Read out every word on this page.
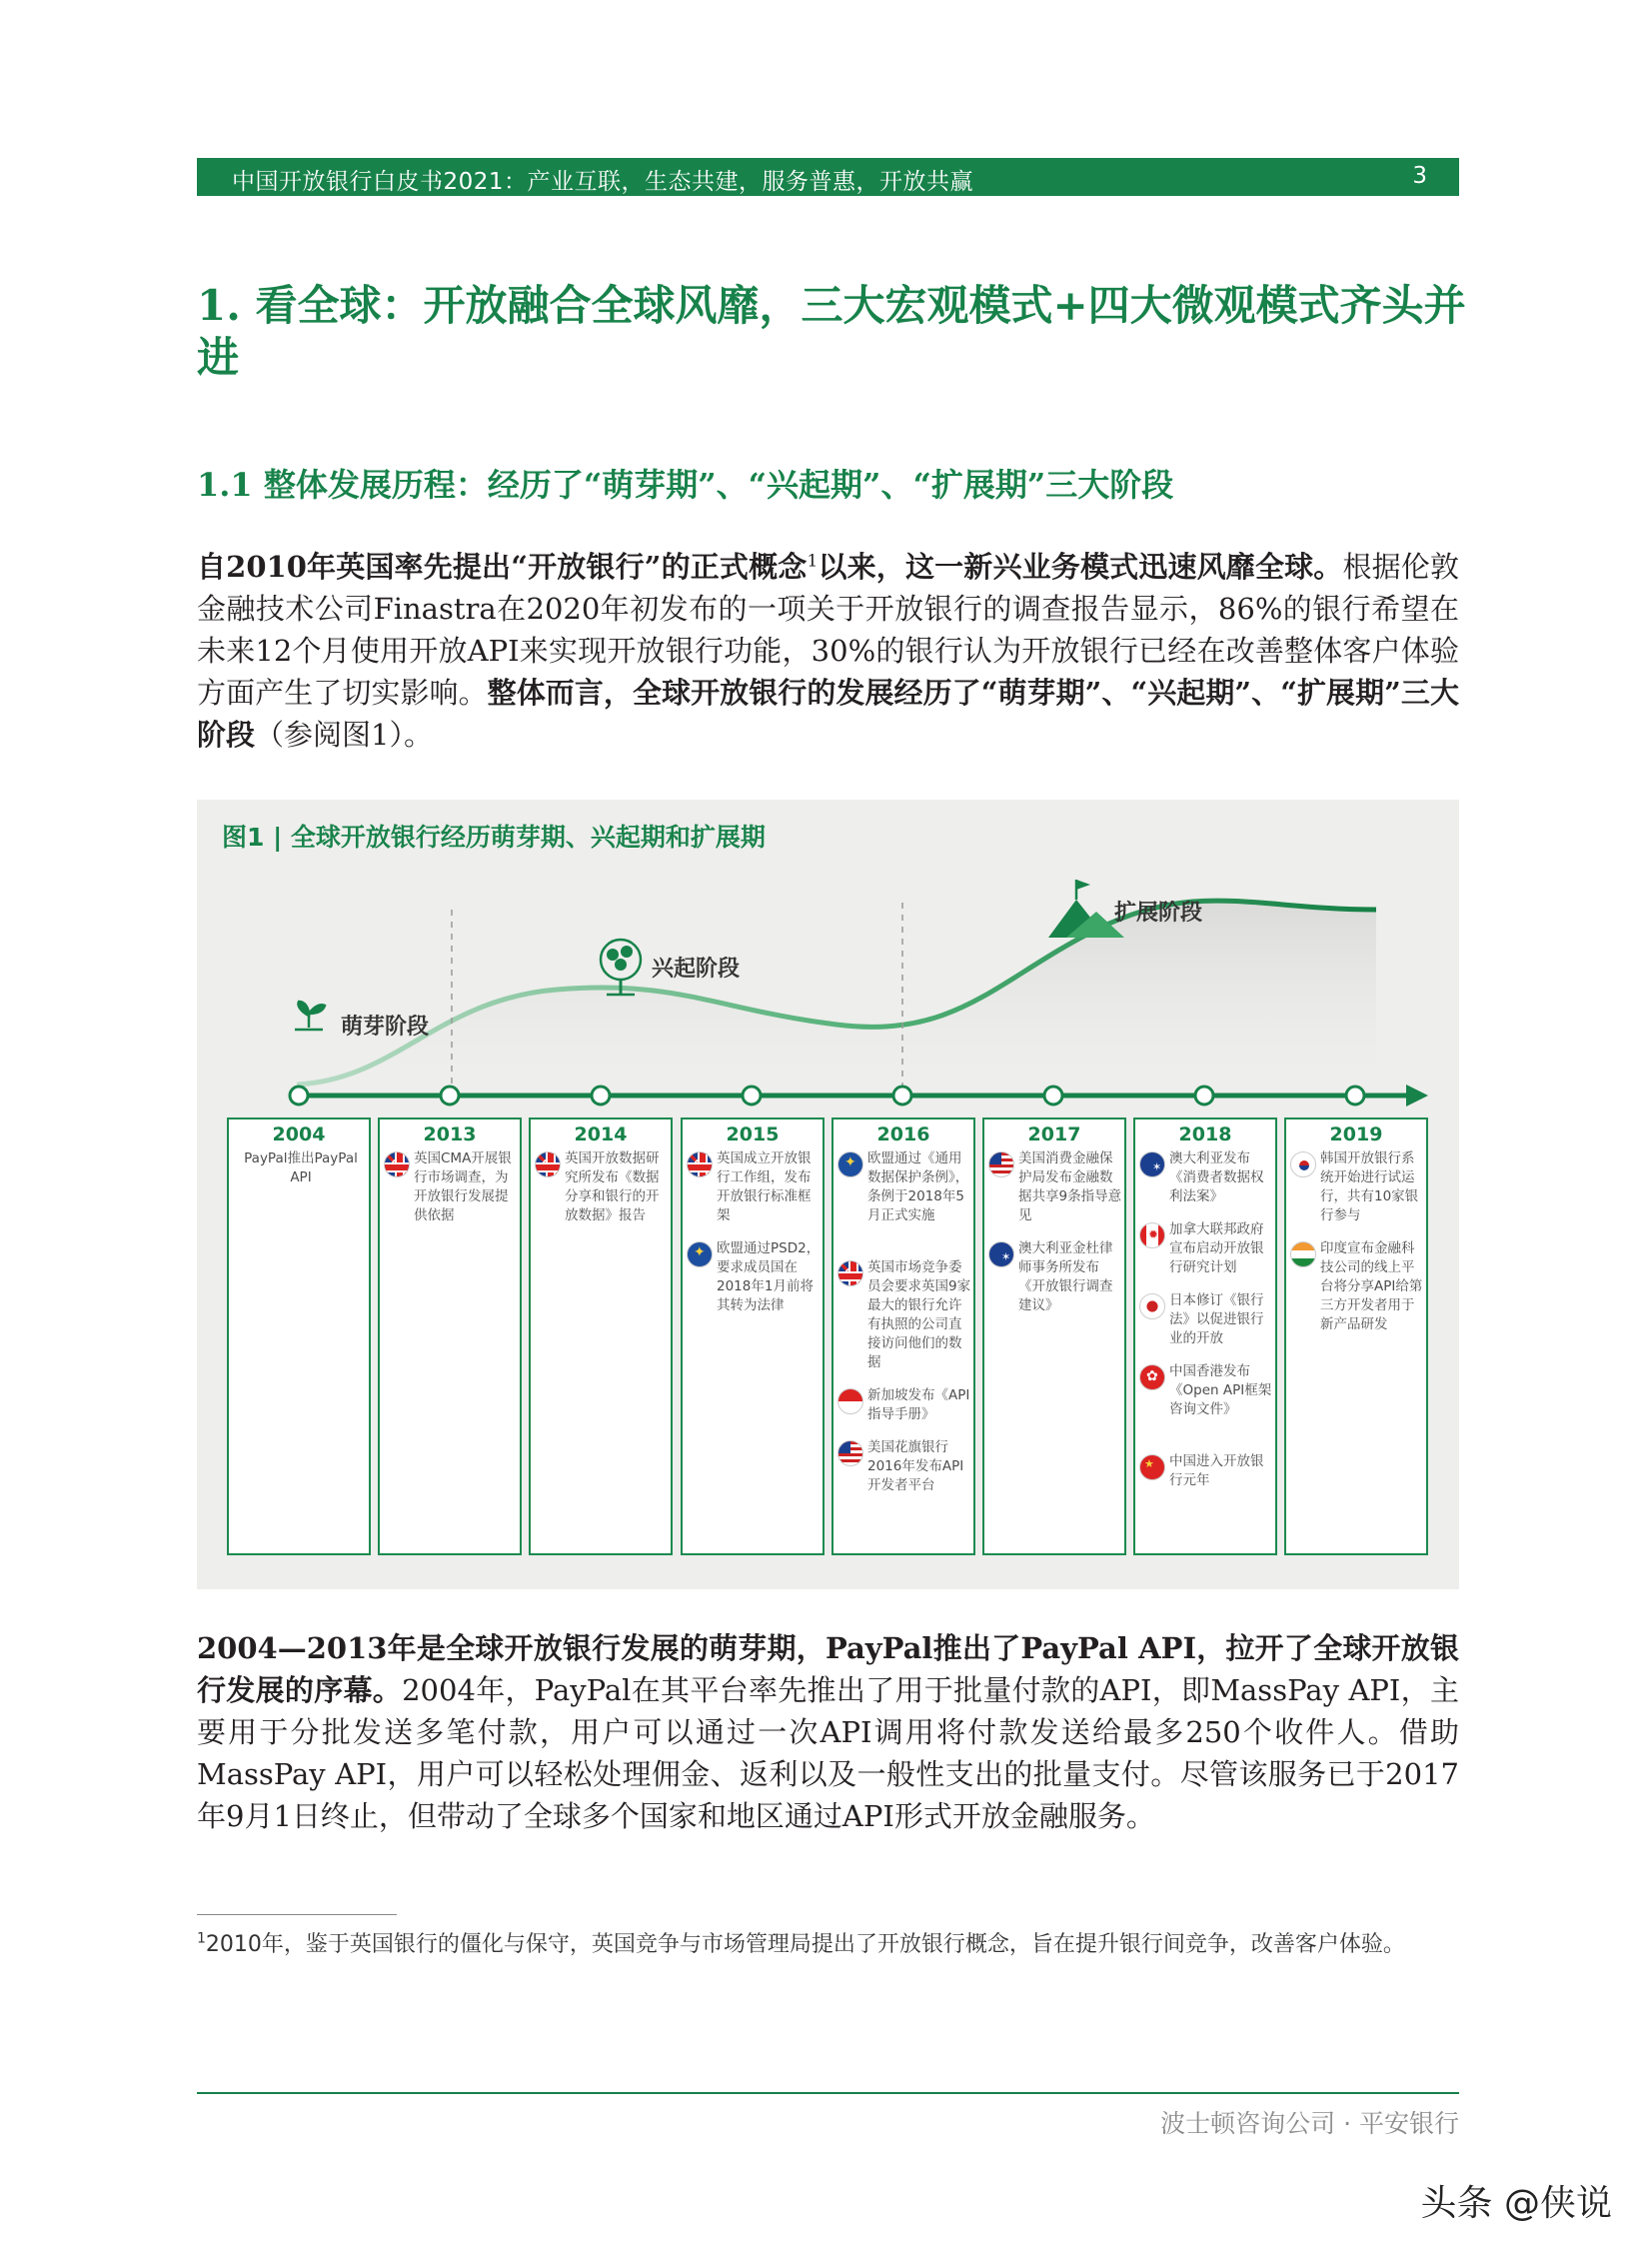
中国开放银行白皮书2021：产业互联，生态共建，服务普惠，开放共赢	3
1. 看全球：开放融合全球风靡，三大宏观模式+四大微观模式齐头并进
1.1 整体发展历程：经历了“萌芽期”、“兴起期”、“扩展期”三大阶段
自2010年英国率先提出“开放银行”的正式概念$^1$以来，这一新兴业务模式迅速风靡全球。根据伦敦金融技术公司Finastra在2020年初发布的一项关于开放银行的调查报告显示，86%的银行希望在未来12个月使用开放API来实现开放银行功能，30%的银行认为开放银行已经在改善整体客户体验方面产生了切实影响。整体而言，全球开放银行的发展经历了“萌芽期”、“兴起期”、“扩展期”三大阶段（参阅图1）。
图1 | 全球开放银行经历萌芽期、兴起期和扩展期
萌芽阶段
兴起阶段
扩展阶段
2004
PayPal推出PayPal API
2013
英国CMA开展银行市场调查，为开放银行发展提供依据
2014
英国开放数据研究所发布《数据分享和银行的开放数据》报告
2015
英国成立开放银行工作组，发布开放银行标准框架
✦
欧盟通过PSD2，要求成员国在2018年1月前将其转为法律
2016
✦
欧盟通过《通用数据保护条例》，条例于2018年5月正式实施
英国市场竞争委员会要求英国9家最大的银行允许有执照的公司直接访问他们的数据
新加坡发布《API指导手册》
美国花旗银行2016年发布API开发者平台
2017
美国消费金融保护局发布金融数据共享9条指导意见
✶
澳大利亚金杜律师事务所发布《开放银行调查建议》
2018
✶
澳大利亚发布《消费者数据权利法案》
✹
加拿大联邦政府宣布启动开放银行研究计划
日本修订《银行法》以促进银行业的开放
✿
中国香港发布《Open API框架咨询文件》
★
中国进入开放银行元年
2019
韩国开放银行系统开始进行试运行，共有10家银行参与
印度宣布金融科技公司的线上平台将分享API给第三方开发者用于新产品研发
2004—2013年是全球开放银行发展的萌芽期，PayPal推出了PayPal API，拉开了全球开放银行发展的序幕。2004年，PayPal在其平台率先推出了用于批量付款的API，即MassPay API，主要用于分批发送多笔付款，用户可以通过一次API调用将付款发送给最多250个收件人。借助MassPay API，用户可以轻松处理佣金、返利以及一般性支出的批量支付。尽管该服务已于2017年9月1日终止，但带动了全球多个国家和地区通过API形式开放金融服务。
$^1$2010年，鉴于英国银行的僵化与保守，英国竞争与市场管理局提出了开放银行概念，旨在提升银行间竞争，改善客户体验。
波士顿咨询公司 · 平安银行
头条 @侠说
